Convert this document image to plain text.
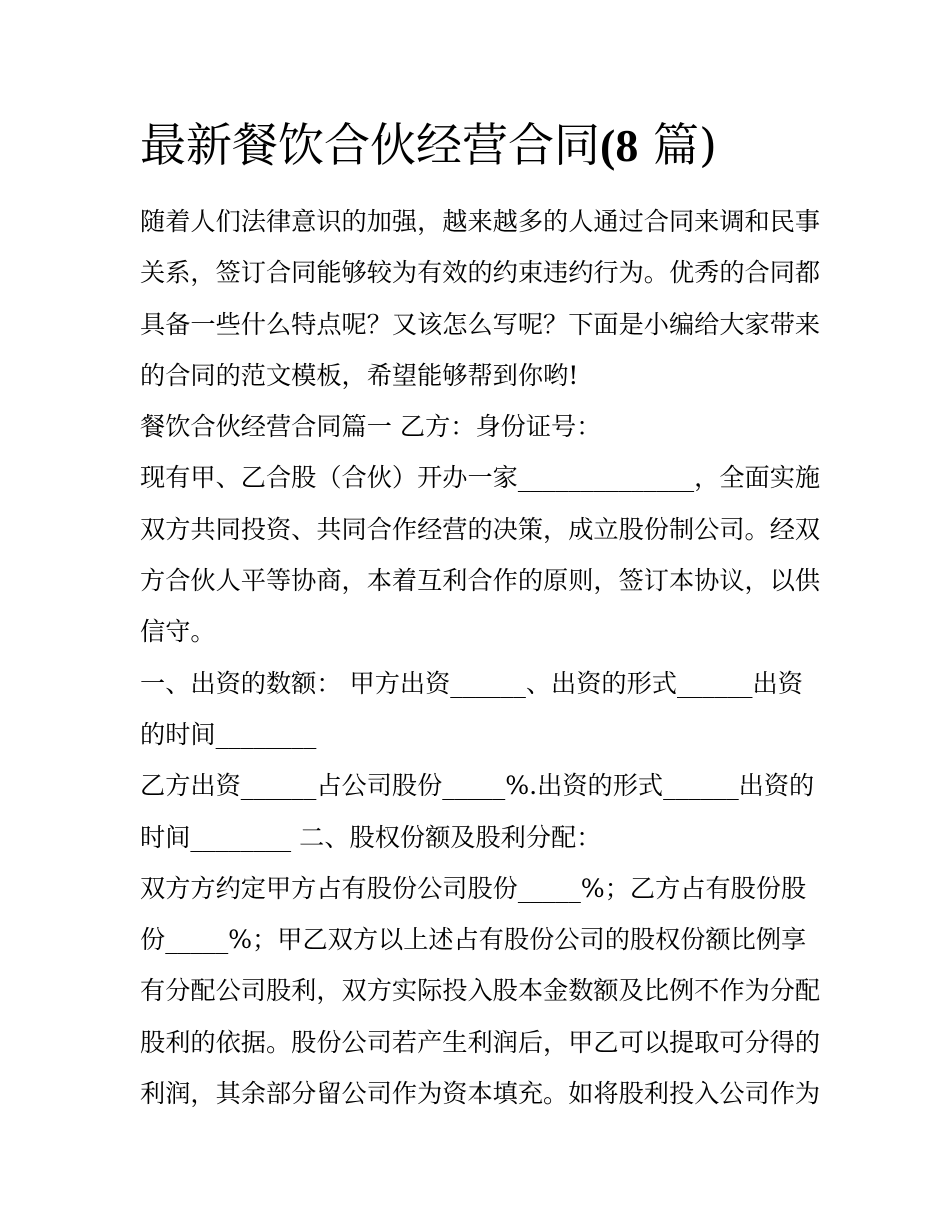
最新餐饮合伙经营合同(8 篇)
随着人们法律意识的加强，越来越多的人通过合同来调和民事
关系，签订合同能够较为有效的约束违约行为。优秀的合同都
具备一些什么特点呢？又该怎么写呢？下面是小编给大家带来
的合同的范文模板，希望能够帮到你哟!
餐饮合伙经营合同篇一 乙方：身份证号：
现有甲、乙合股（合伙）开办一家______________，全面实施
双方共同投资、共同合作经营的决策，成立股份制公司。经双
方合伙人平等协商，本着互利合作的原则，签订本协议，以供
信守。
一、出资的数额： 甲方出资______、出资的形式______出资
的时间________
乙方出资______占公司股份_____%.出资的形式______出资的
时间________ 二、股权份额及股利分配：
双方方约定甲方占有股份公司股份_____%；乙方占有股份股
份_____%；甲乙双方以上述占有股份公司的股权份额比例享
有分配公司股利，双方实际投入股本金数额及比例不作为分配
股利的依据。股份公司若产生利润后，甲乙可以提取可分得的
利润，其余部分留公司作为资本填充。如将股利投入公司作为
